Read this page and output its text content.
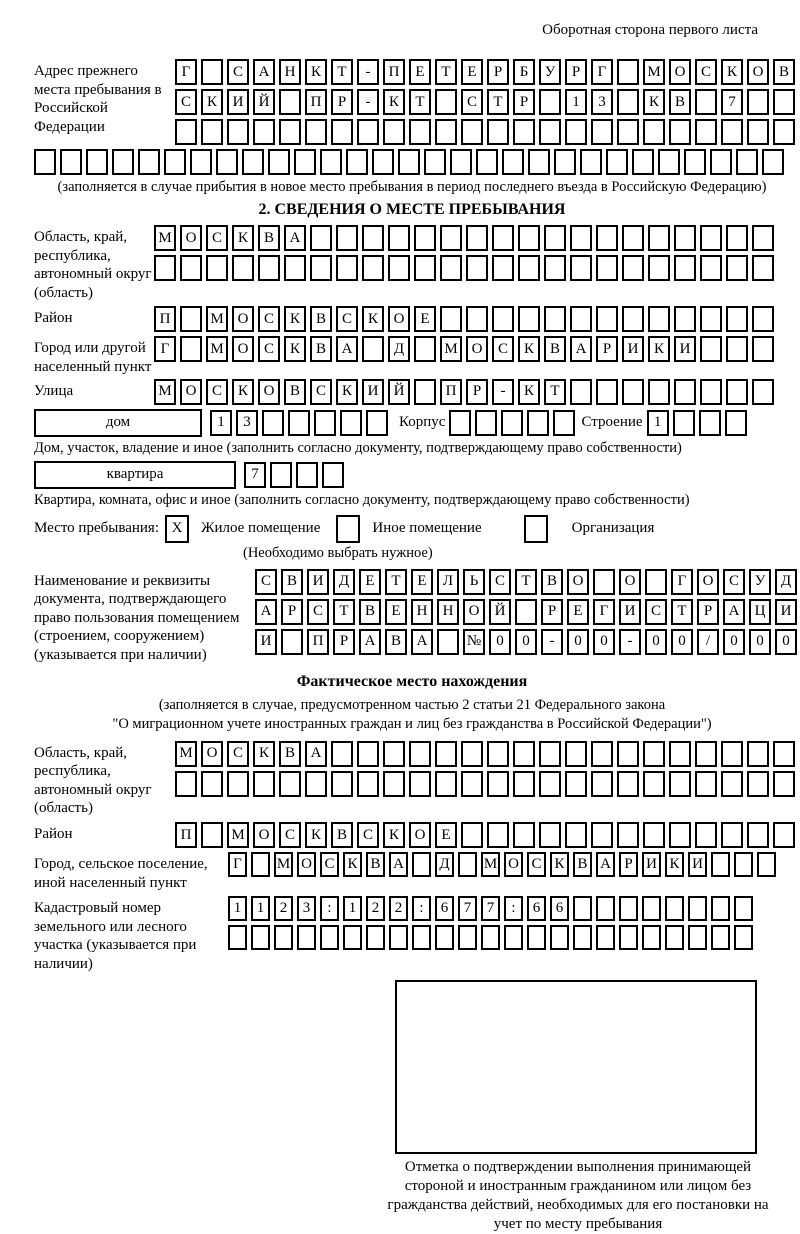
Оборотная сторона первого листа
Адрес прежнего места пребывания в Российской Федерации
Г	С	А	Н	К	Т	-	П	Е	Т	Е	Р	Б	У	Р	Г	М О	С	К	О	В
С	К	И	Й	П	Р	-	К	Т	С	Т	Р	1	3	К	В	7
(заполняется в случае прибытия в новое место пребывания в период последнего въезда в Российскую Федерацию)
2. СВЕДЕНИЯ О МЕСТЕ ПРЕБЫВАНИЯ
Область, край, республика, автономный округ (область)
М О	С	К	В	А
Район	П	М О	С	К	В	С	К	О	Е
Город или другой населенный пункт
Г	М О	С	К	В	А	Д	М О	С	К	В	А	Р	И	К	И
Улица	М О	С	К	О	В	С	К	И	Й	П	Р	-	К	Т
дом	1	3	Корпус	Строение 1
Дом, участок, владение и иное (заполнить согласно документу, подтверждающему право собственности)
квартира	7
Квартира, комната, офис и иное (заполнить согласно документу, подтверждающему право собственности)
Место пребывания: X	Жилое помещение	Иное помещение	Организация
(Необходимо выбрать нужное)
Наименование и реквизиты документа, подтверждающего право пользования помещением (строением, сооружением) (указывается при наличии)
С	В	И	Д	Е	Т	Е	Л	Ь	С	Т	В	О	О	Г	О	С	У	Д
А	Р	С	Т	В	Е	Н	Н	О	Й	Р	Е	Г	И	С	Т	Р	А	Ц	И
И	П	Р	А	В	А	№	0	0	-	0	0	-	0	0	/	0	0	0
Фактическое место нахождения
(заполняется в случае, предусмотренном частью 2 статьи 21 Федерального закона
"О миграционном учете иностранных граждан и лиц без гражданства в Российской Федерации")
Область, край, республика, автономный округ (область)
М О	С	К	В	А
Район	П	М О	С	К	В	С	К	О	Е
Город, сельское поселение, иной населенный пункт
Г	М О С К В А Д М О С К В А Р И К И
Кадастровый номер земельного или лесного участка (указывается при наличии)
1	1	2	3	:	1	2	2	:	6	7	7	:	6	6
Отметка о подтверждении выполнения принимающей стороной и иностранным гражданином или лицом без гражданства действий, необходимых для его постановки на учет по месту пребывания
